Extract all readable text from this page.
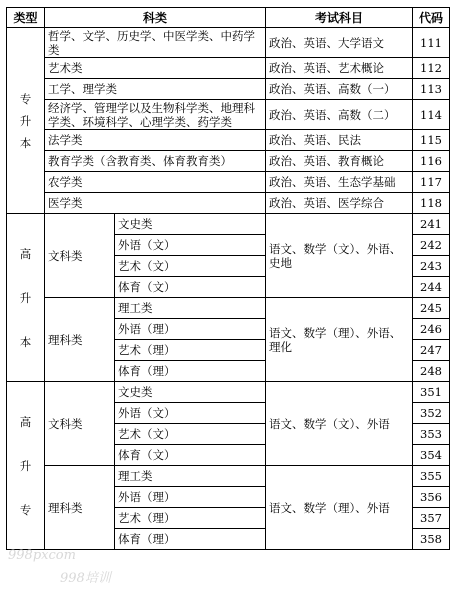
类型	科类		考试科目	代码

专
升
本	哲学、文学、历史学、中医学类、中药学类		政治、英语、大学语文	111
	艺术类		政治、英语、艺术概论	112
	工学、理学类		政治、英语、高数（一）	113
	经济学、管理学以及生物科学类、地理科学类、环境科学、心理学类、药学类		政治、英语、高数（二）	114
	法学类		政治、英语、民法	115
	教育学类（含教育类、体育教育类）		政治、英语、教育概论	116
	农学类		政治、英语、生态学基础	117
	医学类		政治、英语、医学综合	118

高
升
本	文科类	文史类	语文、数学（文）、外语、史地	241
		外语（文）		242
		艺术（文）		243
		体育（文）		244
	理科类	理工类	语文、数学（理）、外语、理化	245
		外语（理）		246
		艺术（理）		247
		体育（理）		248

高
升
专	文科类	文史类	语文、数学（文）、外语	351
		外语（文）		352
		艺术（文）		353
		体育（文）		354
	理科类	理工类	语文、数学（理）、外语	355
		外语（理）		356
		艺术（理）		357
		体育（理）		358
998pxcom
998培训
